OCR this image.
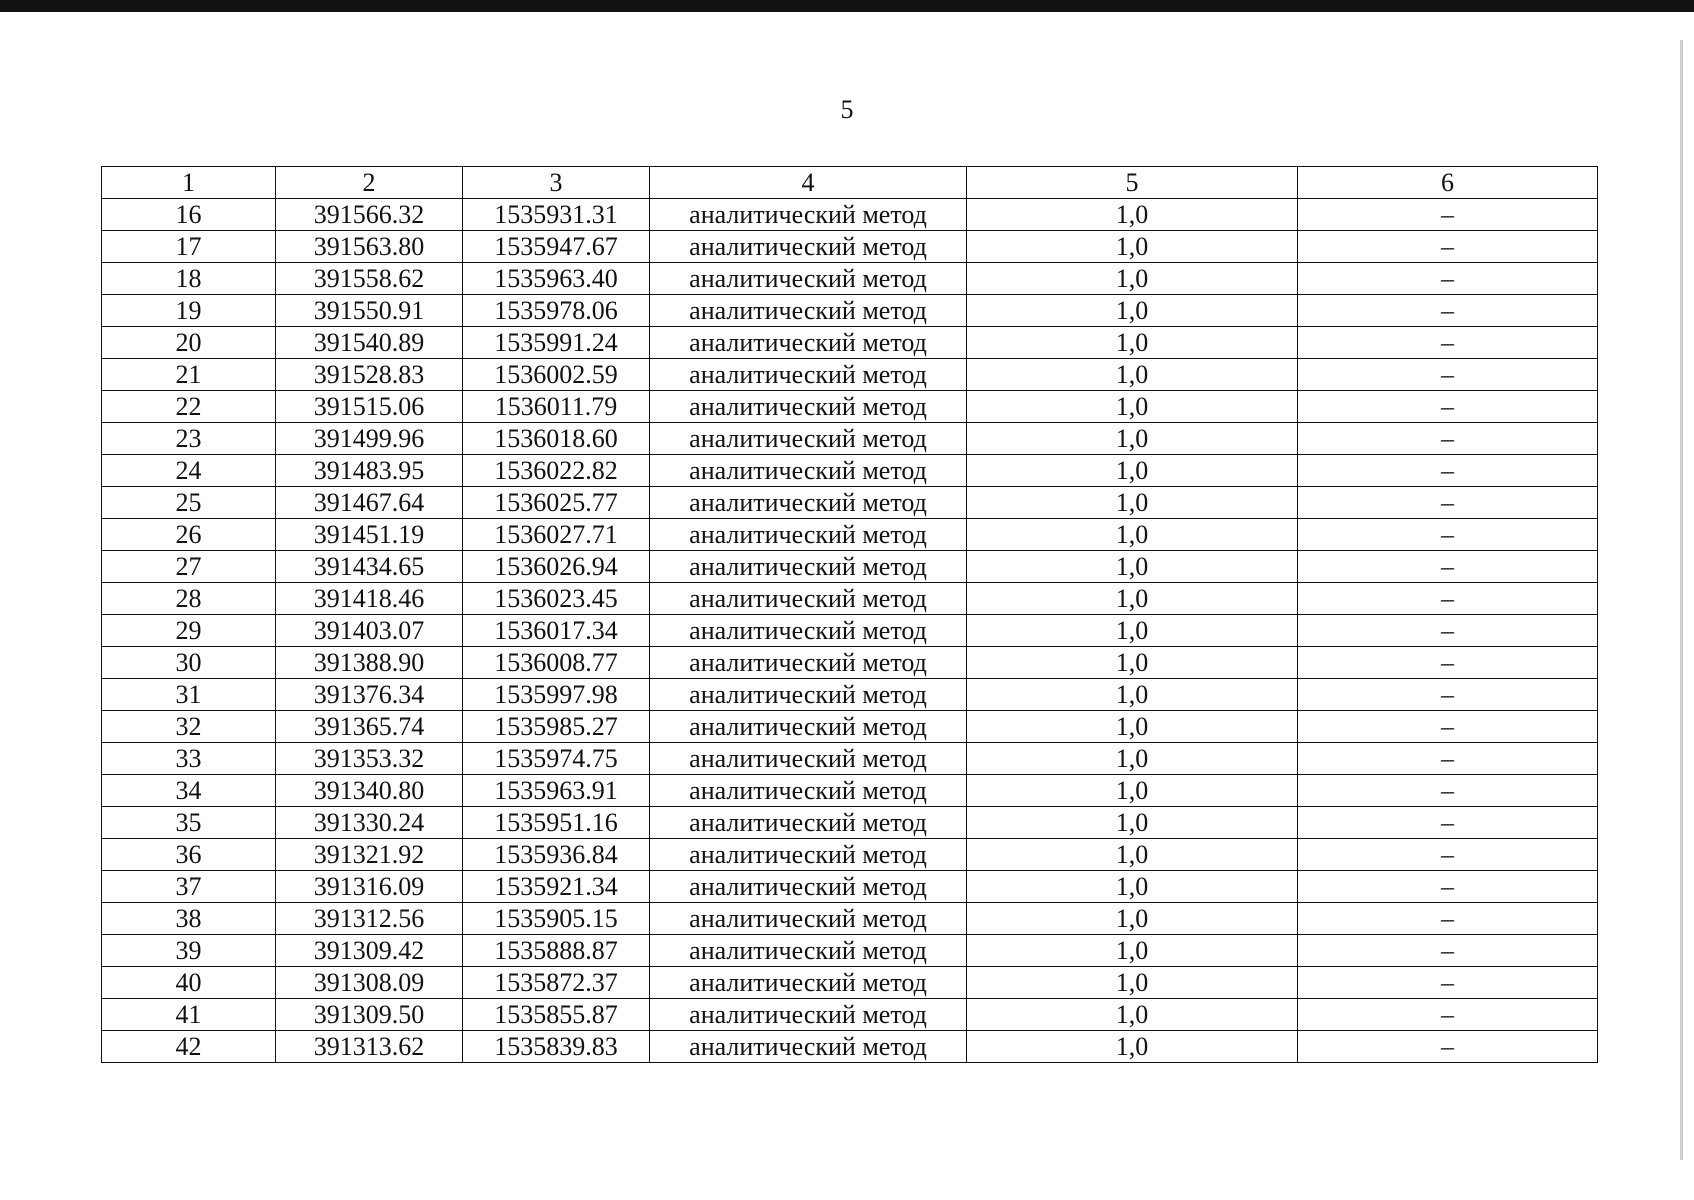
5
1	2	3	4	5	6
16	391566.32	1535931.31	аналитический метод	1,0	–
17	391563.80	1535947.67	аналитический метод	1,0	–
18	391558.62	1535963.40	аналитический метод	1,0	–
19	391550.91	1535978.06	аналитический метод	1,0	–
20	391540.89	1535991.24	аналитический метод	1,0	–
21	391528.83	1536002.59	аналитический метод	1,0	–
22	391515.06	1536011.79	аналитический метод	1,0	–
23	391499.96	1536018.60	аналитический метод	1,0	–
24	391483.95	1536022.82	аналитический метод	1,0	–
25	391467.64	1536025.77	аналитический метод	1,0	–
26	391451.19	1536027.71	аналитический метод	1,0	–
27	391434.65	1536026.94	аналитический метод	1,0	–
28	391418.46	1536023.45	аналитический метод	1,0	–
29	391403.07	1536017.34	аналитический метод	1,0	–
30	391388.90	1536008.77	аналитический метод	1,0	–
31	391376.34	1535997.98	аналитический метод	1,0	–
32	391365.74	1535985.27	аналитический метод	1,0	–
33	391353.32	1535974.75	аналитический метод	1,0	–
34	391340.80	1535963.91	аналитический метод	1,0	–
35	391330.24	1535951.16	аналитический метод	1,0	–
36	391321.92	1535936.84	аналитический метод	1,0	–
37	391316.09	1535921.34	аналитический метод	1,0	–
38	391312.56	1535905.15	аналитический метод	1,0	–
39	391309.42	1535888.87	аналитический метод	1,0	–
40	391308.09	1535872.37	аналитический метод	1,0	–
41	391309.50	1535855.87	аналитический метод	1,0	–
42	391313.62	1535839.83	аналитический метод	1,0	–
